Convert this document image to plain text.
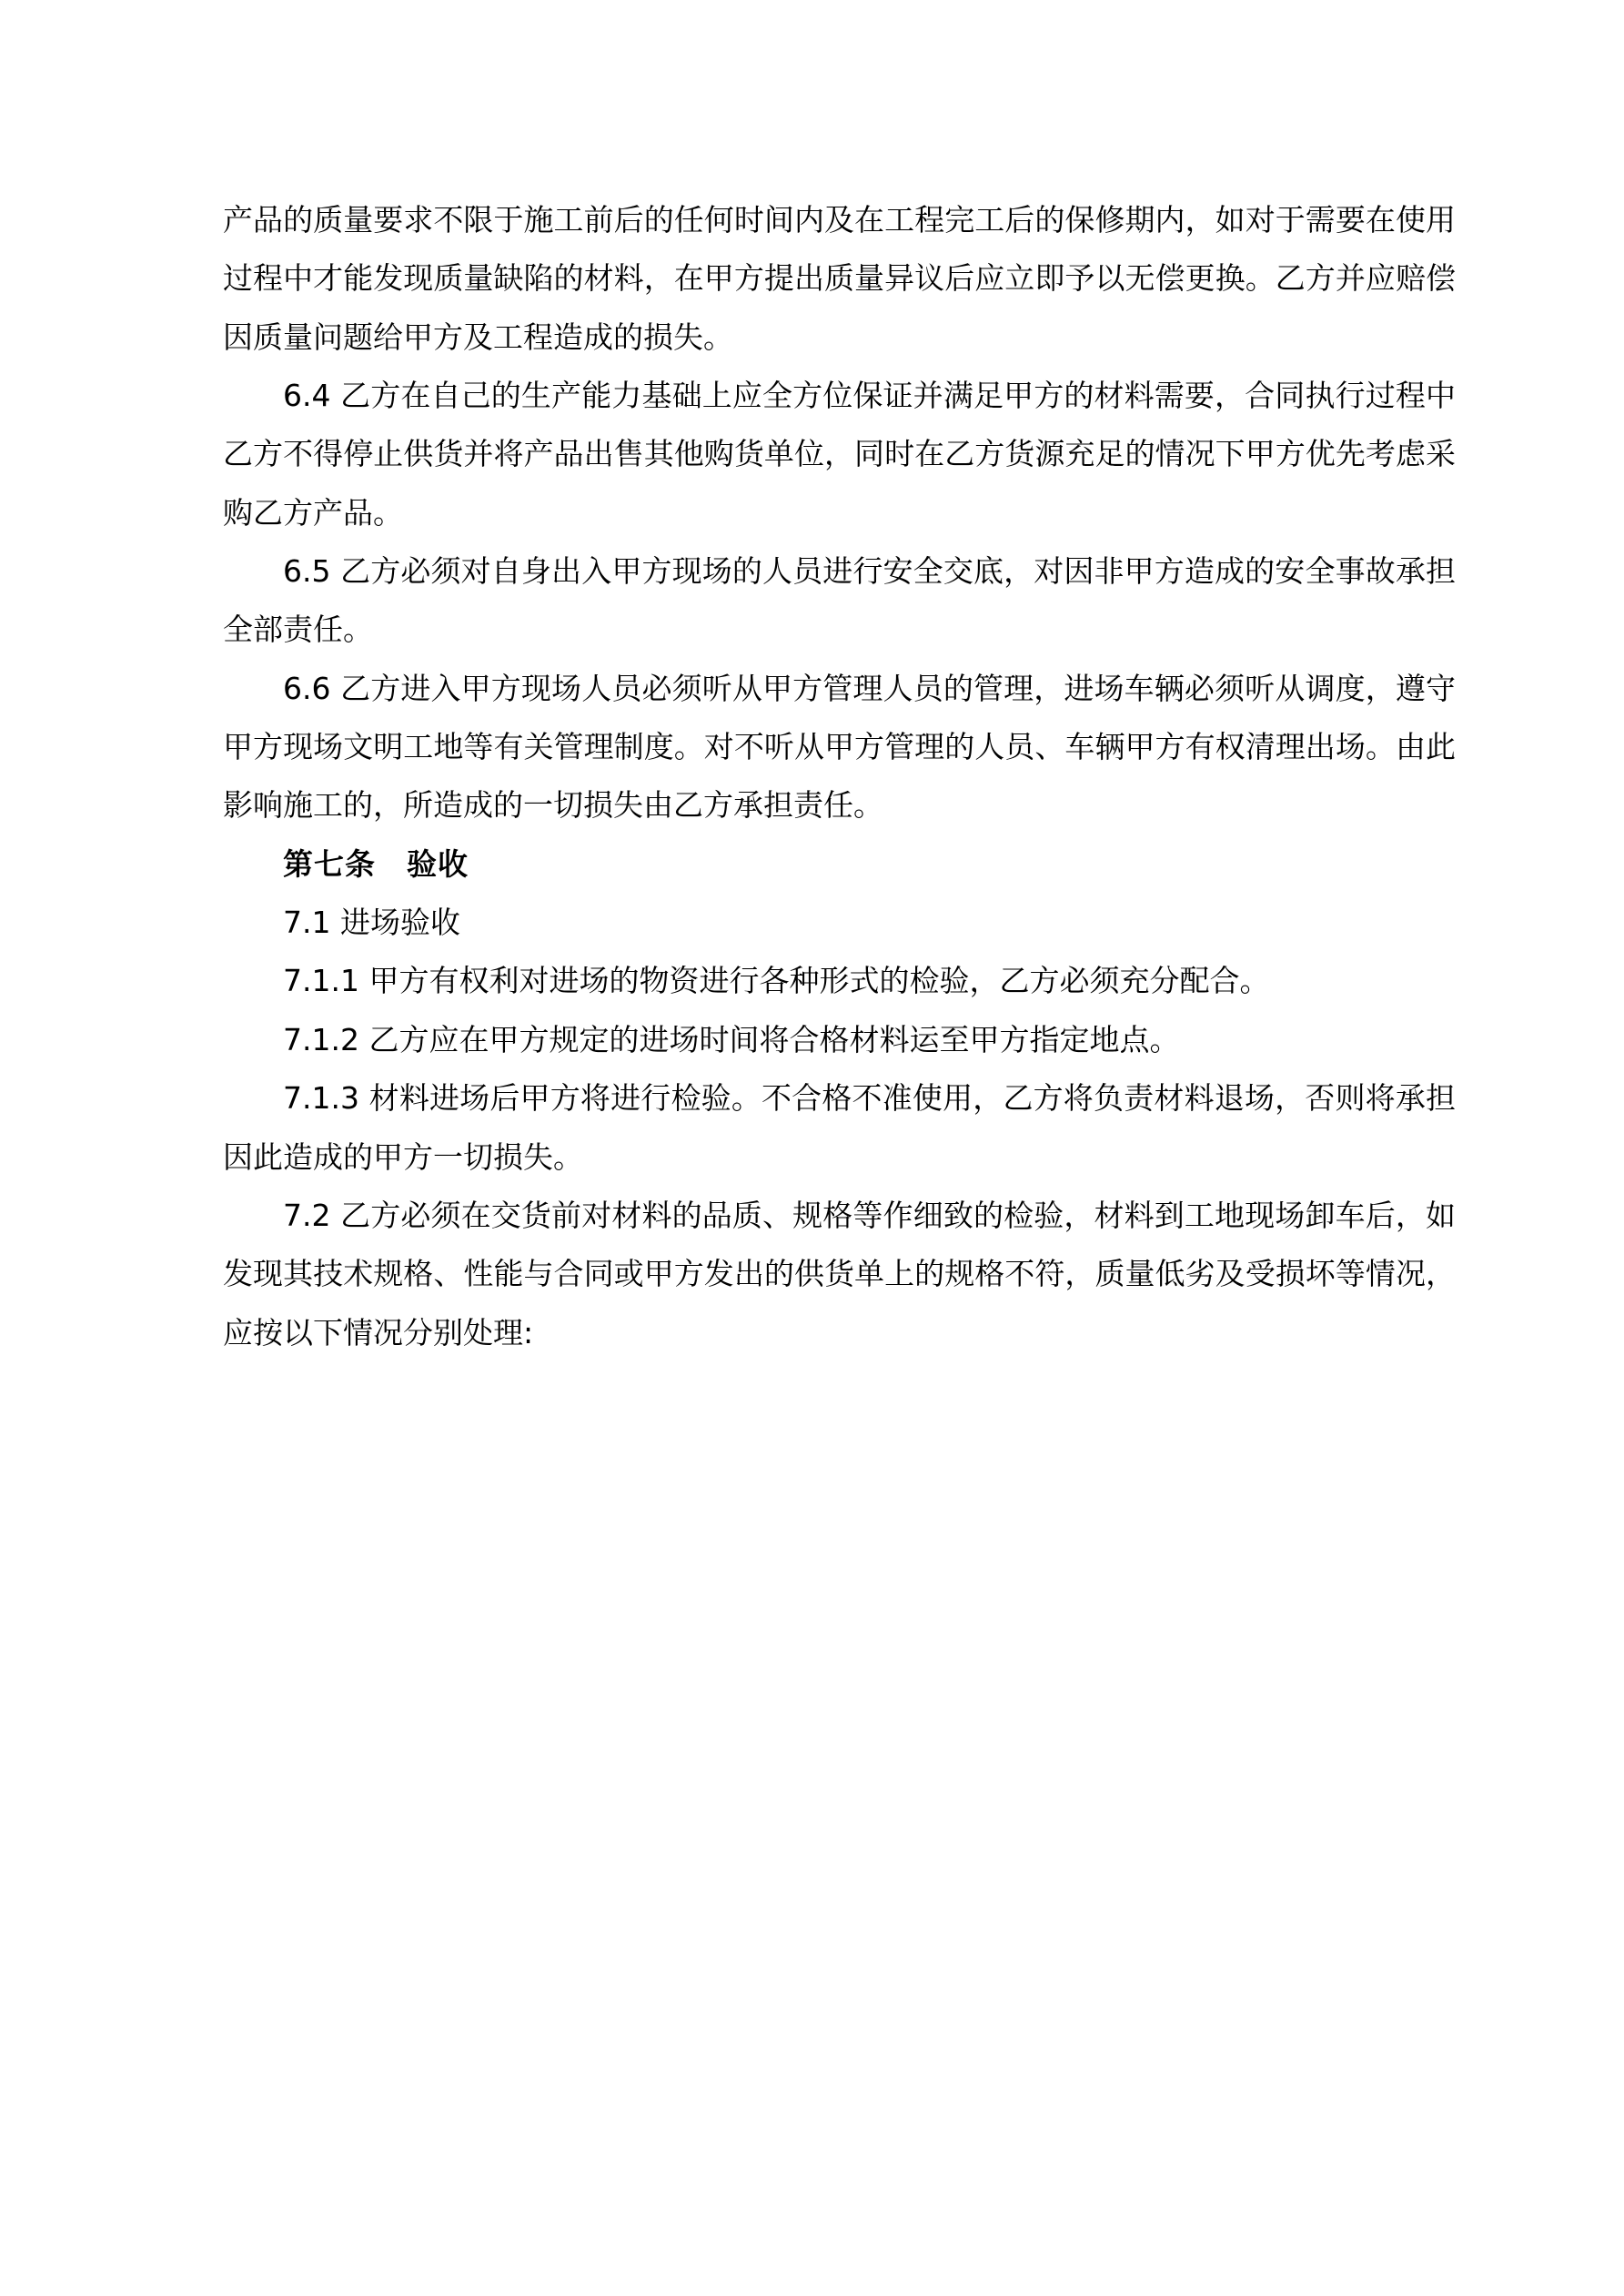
产品的质量要求不限于施工前后的任何时间内及在工程完工后的保修期内，如对于需要在使用过程中才能发现质量缺陷的材料，在甲方提出质量异议后应立即予以无偿更换。乙方并应赔偿因质量问题给甲方及工程造成的损失。

6.4 乙方在自己的生产能力基础上应全方位保证并满足甲方的材料需要，合同执行过程中乙方不得停止供货并将产品出售其他购货单位，同时在乙方货源充足的情况下甲方优先考虑采购乙方产品。

6.5 乙方必须对自身出入甲方现场的人员进行安全交底，对因非甲方造成的安全事故承担全部责任。

6.6 乙方进入甲方现场人员必须听从甲方管理人员的管理，进场车辆必须听从调度，遵守甲方现场文明工地等有关管理制度。对不听从甲方管理的人员、车辆甲方有权清理出场。由此影响施工的，所造成的一切损失由乙方承担责任。

第七条 验收

7.1 进场验收

7.1.1 甲方有权利对进场的物资进行各种形式的检验，乙方必须充分配合。

7.1.2 乙方应在甲方规定的进场时间将合格材料运至甲方指定地点。

7.1.3 材料进场后甲方将进行检验。不合格不准使用，乙方将负责材料退场，否则将承担因此造成的甲方一切损失。

7.2 乙方必须在交货前对材料的品质、规格等作细致的检验，材料到工地现场卸车后，如发现其技术规格、性能与合同或甲方发出的供货单上的规格不符，质量低劣及受损坏等情况，应按以下情况分别处理:
